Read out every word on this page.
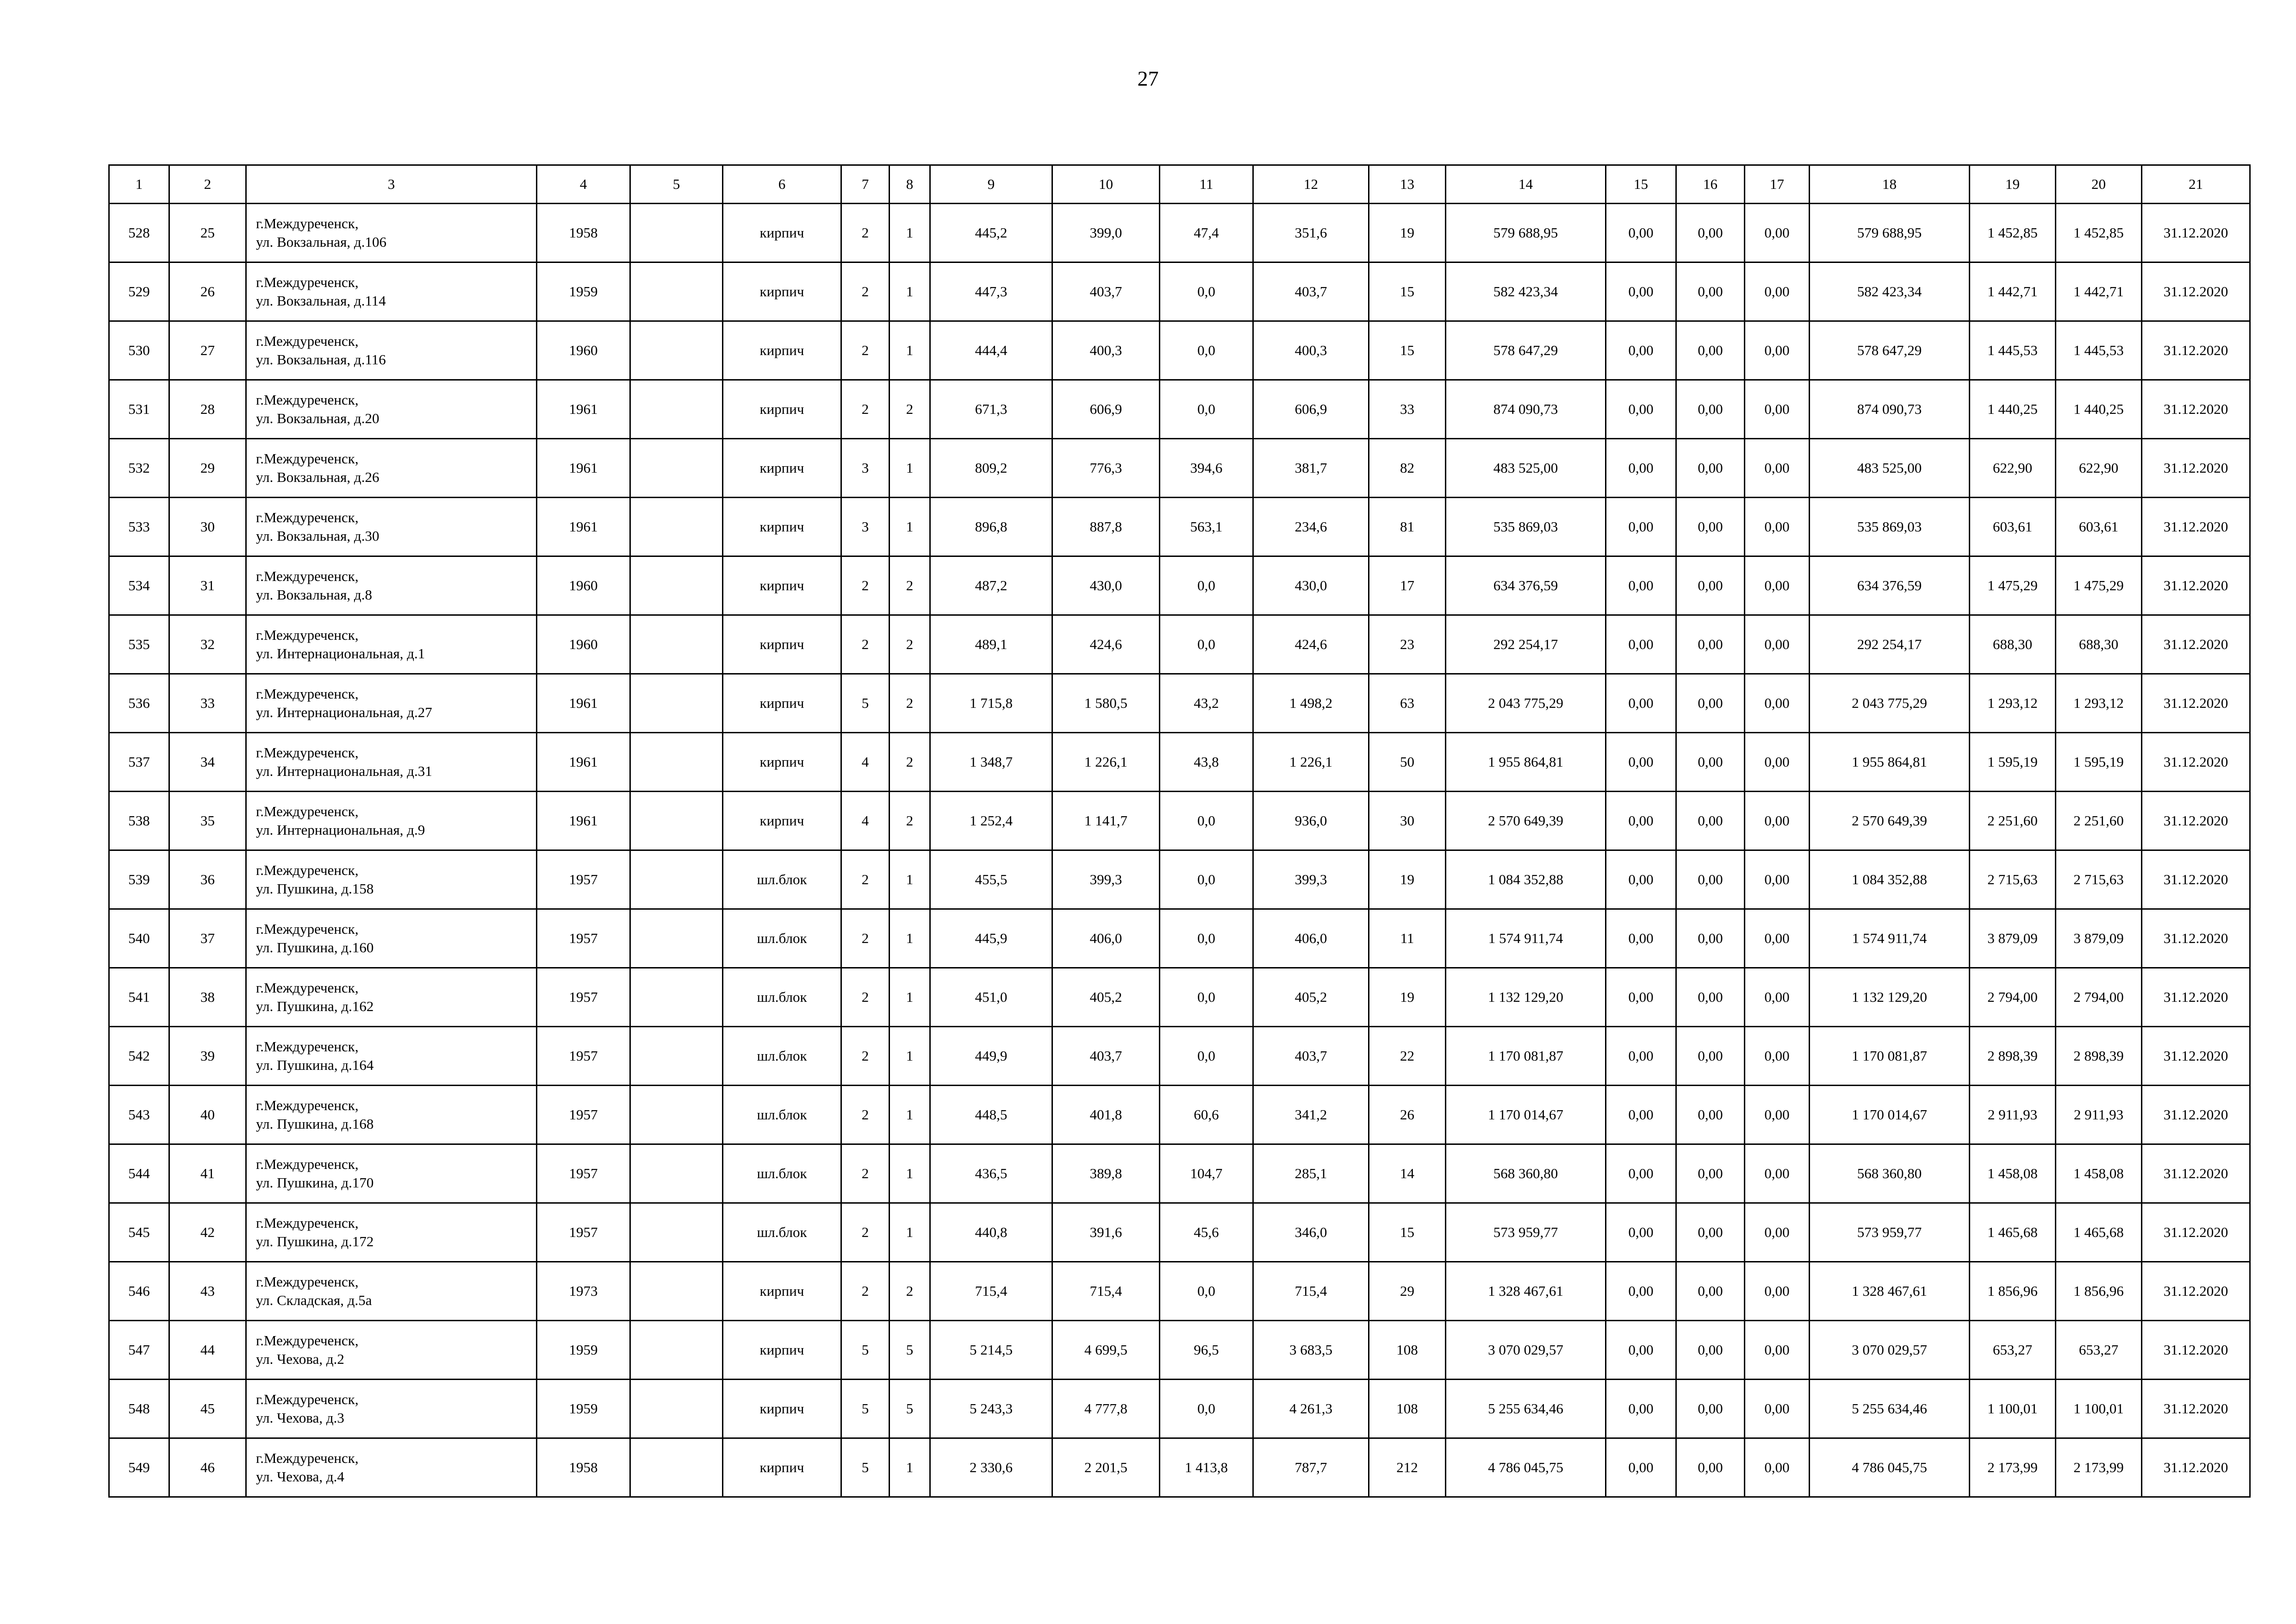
27
1	2	3	4	5	6	7	8	9	10	11	12	13	14	15	16	17	18	19	20	21
528	25	г.Междуреченск,
ул. Вокзальная, д.106	1958		кирпич	2	1	445,2	399,0	47,4	351,6	19	579 688,95	0,00	0,00	0,00	579 688,95	1 452,85	1 452,85	31.12.2020
529	26	г.Междуреченск,
ул. Вокзальная, д.114	1959		кирпич	2	1	447,3	403,7	0,0	403,7	15	582 423,34	0,00	0,00	0,00	582 423,34	1 442,71	1 442,71	31.12.2020
530	27	г.Междуреченск,
ул. Вокзальная, д.116	1960		кирпич	2	1	444,4	400,3	0,0	400,3	15	578 647,29	0,00	0,00	0,00	578 647,29	1 445,53	1 445,53	31.12.2020
531	28	г.Междуреченск,
ул. Вокзальная, д.20	1961		кирпич	2	2	671,3	606,9	0,0	606,9	33	874 090,73	0,00	0,00	0,00	874 090,73	1 440,25	1 440,25	31.12.2020
532	29	г.Междуреченск,
ул. Вокзальная, д.26	1961		кирпич	3	1	809,2	776,3	394,6	381,7	82	483 525,00	0,00	0,00	0,00	483 525,00	622,90	622,90	31.12.2020
533	30	г.Междуреченск,
ул. Вокзальная, д.30	1961		кирпич	3	1	896,8	887,8	563,1	234,6	81	535 869,03	0,00	0,00	0,00	535 869,03	603,61	603,61	31.12.2020
534	31	г.Междуреченск,
ул. Вокзальная, д.8	1960		кирпич	2	2	487,2	430,0	0,0	430,0	17	634 376,59	0,00	0,00	0,00	634 376,59	1 475,29	1 475,29	31.12.2020
535	32	г.Междуреченск,
ул. Интернациональная, д.1	1960		кирпич	2	2	489,1	424,6	0,0	424,6	23	292 254,17	0,00	0,00	0,00	292 254,17	688,30	688,30	31.12.2020
536	33	г.Междуреченск,
ул. Интернациональная, д.27	1961		кирпич	5	2	1 715,8	1 580,5	43,2	1 498,2	63	2 043 775,29	0,00	0,00	0,00	2 043 775,29	1 293,12	1 293,12	31.12.2020
537	34	г.Междуреченск,
ул. Интернациональная, д.31	1961		кирпич	4	2	1 348,7	1 226,1	43,8	1 226,1	50	1 955 864,81	0,00	0,00	0,00	1 955 864,81	1 595,19	1 595,19	31.12.2020
538	35	г.Междуреченск,
ул. Интернациональная, д.9	1961		кирпич	4	2	1 252,4	1 141,7	0,0	936,0	30	2 570 649,39	0,00	0,00	0,00	2 570 649,39	2 251,60	2 251,60	31.12.2020
539	36	г.Междуреченск,
ул. Пушкина, д.158	1957		шл.блок	2	1	455,5	399,3	0,0	399,3	19	1 084 352,88	0,00	0,00	0,00	1 084 352,88	2 715,63	2 715,63	31.12.2020
540	37	г.Междуреченск,
ул. Пушкина, д.160	1957		шл.блок	2	1	445,9	406,0	0,0	406,0	11	1 574 911,74	0,00	0,00	0,00	1 574 911,74	3 879,09	3 879,09	31.12.2020
541	38	г.Междуреченск,
ул. Пушкина, д.162	1957		шл.блок	2	1	451,0	405,2	0,0	405,2	19	1 132 129,20	0,00	0,00	0,00	1 132 129,20	2 794,00	2 794,00	31.12.2020
542	39	г.Междуреченск,
ул. Пушкина, д.164	1957		шл.блок	2	1	449,9	403,7	0,0	403,7	22	1 170 081,87	0,00	0,00	0,00	1 170 081,87	2 898,39	2 898,39	31.12.2020
543	40	г.Междуреченск,
ул. Пушкина, д.168	1957		шл.блок	2	1	448,5	401,8	60,6	341,2	26	1 170 014,67	0,00	0,00	0,00	1 170 014,67	2 911,93	2 911,93	31.12.2020
544	41	г.Междуреченск,
ул. Пушкина, д.170	1957		шл.блок	2	1	436,5	389,8	104,7	285,1	14	568 360,80	0,00	0,00	0,00	568 360,80	1 458,08	1 458,08	31.12.2020
545	42	г.Междуреченск,
ул. Пушкина, д.172	1957		шл.блок	2	1	440,8	391,6	45,6	346,0	15	573 959,77	0,00	0,00	0,00	573 959,77	1 465,68	1 465,68	31.12.2020
546	43	г.Междуреченск,
ул. Складская, д.5а	1973		кирпич	2	2	715,4	715,4	0,0	715,4	29	1 328 467,61	0,00	0,00	0,00	1 328 467,61	1 856,96	1 856,96	31.12.2020
547	44	г.Междуреченск,
ул. Чехова, д.2	1959		кирпич	5	5	5 214,5	4 699,5	96,5	3 683,5	108	3 070 029,57	0,00	0,00	0,00	3 070 029,57	653,27	653,27	31.12.2020
548	45	г.Междуреченск,
ул. Чехова, д.3	1959		кирпич	5	5	5 243,3	4 777,8	0,0	4 261,3	108	5 255 634,46	0,00	0,00	0,00	5 255 634,46	1 100,01	1 100,01	31.12.2020
549	46	г.Междуреченск,
ул. Чехова, д.4	1958		кирпич	5	1	2 330,6	2 201,5	1 413,8	787,7	212	4 786 045,75	0,00	0,00	0,00	4 786 045,75	2 173,99	2 173,99	31.12.2020
